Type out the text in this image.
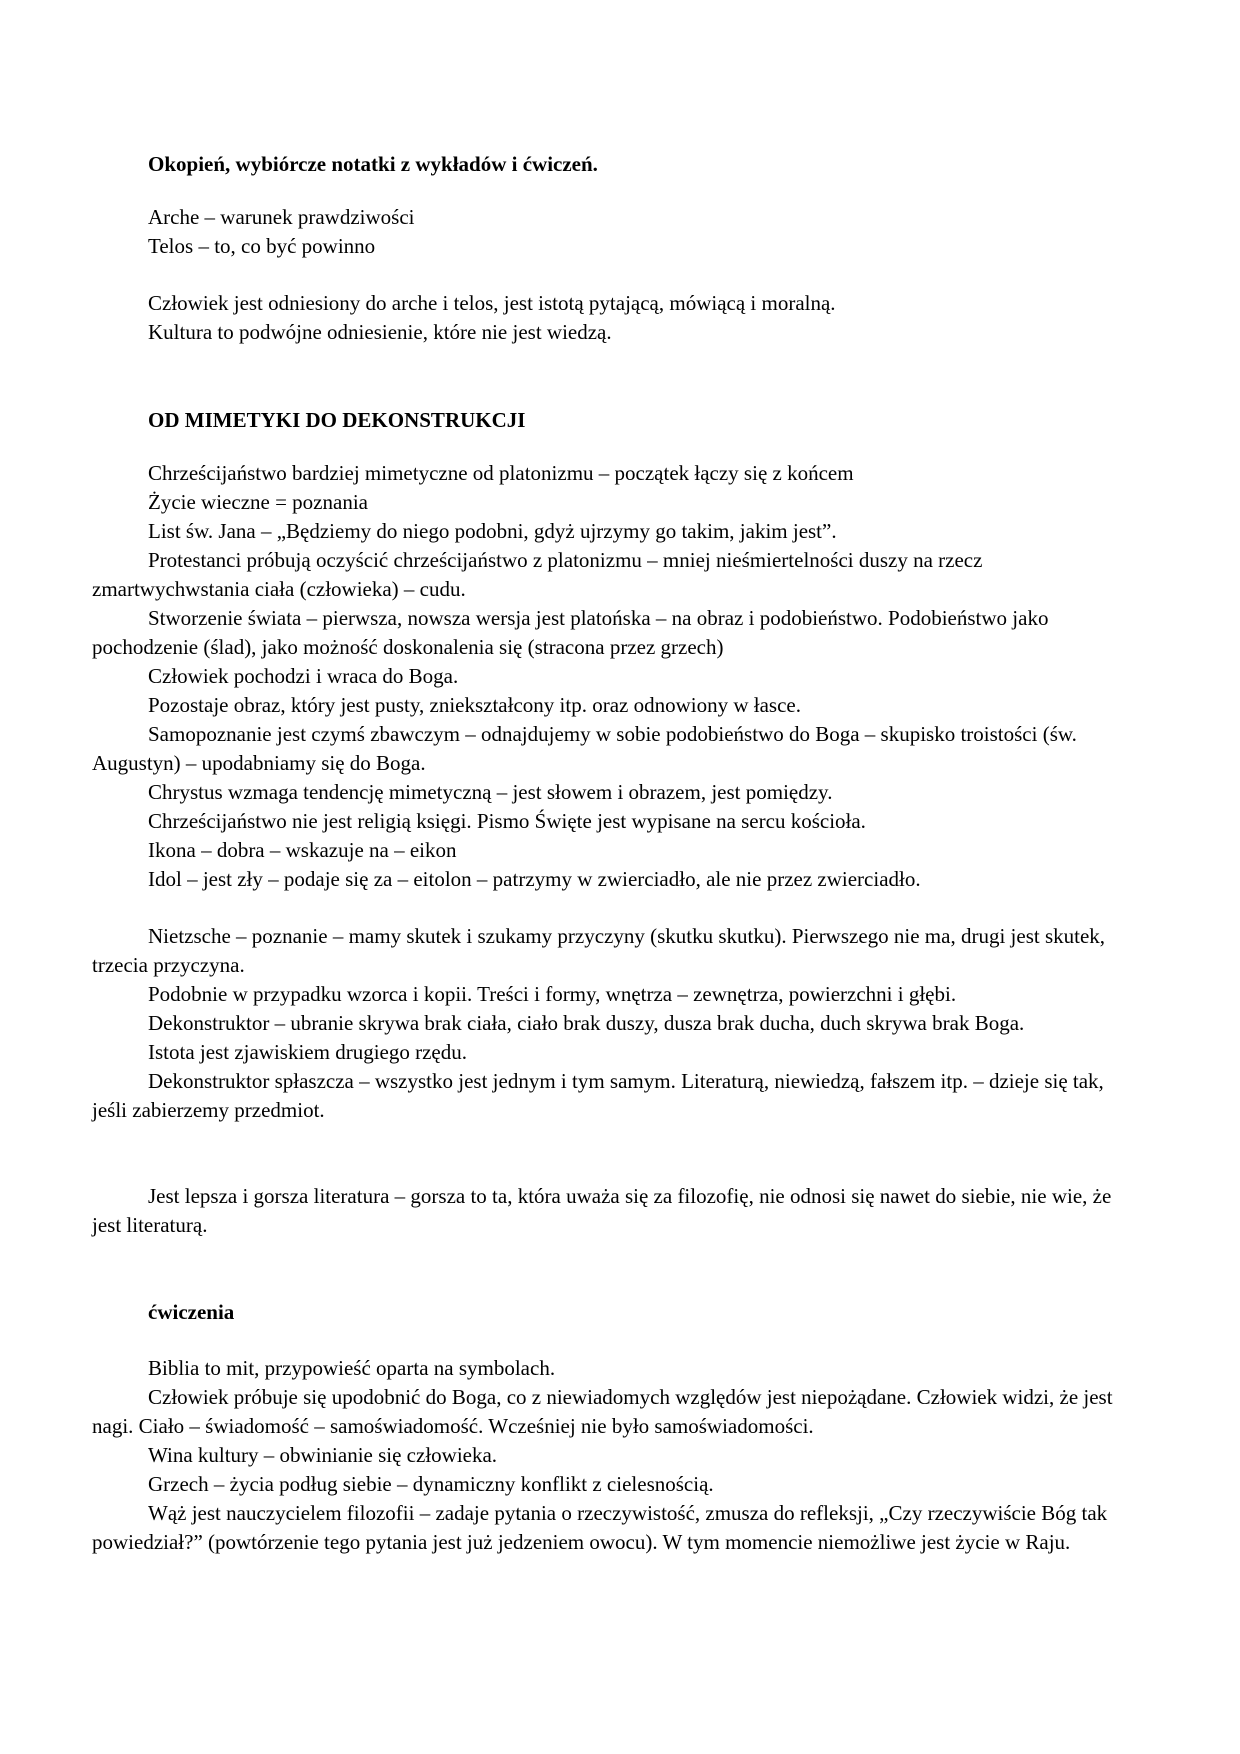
Okopień, wybiórcze notatki z wykładów i ćwiczeń.
Arche – warunek prawdziwości
Telos – to, co być powinno
Człowiek jest odniesiony do arche i telos, jest istotą pytającą, mówiącą i moralną.
Kultura to podwójne odniesienie, które nie jest wiedzą.
OD MIMETYKI DO DEKONSTRUKCJI

Chrześcijaństwo bardziej mimetyczne od platonizmu – początek łączy się z końcem

Życie wieczne = poznania

List św. Jana – „Będziemy do niego podobni, gdyż ujrzymy go takim, jakim jest”.

Protestanci próbują oczyścić chrześcijaństwo z platonizmu – mniej nieśmiertelności duszy na rzecz zmartwychwstania ciała (człowieka) – cudu.

Stworzenie świata – pierwsza, nowsza wersja jest platońska – na obraz i podobieństwo. Podobieństwo jako pochodzenie (ślad), jako możność doskonalenia się (stracona przez grzech)

Człowiek pochodzi i wraca do Boga.

Pozostaje obraz, który jest pusty, zniekształcony itp. oraz odnowiony w łasce.

Samopoznanie jest czymś zbawczym – odnajdujemy w sobie podobieństwo do Boga – skupisko troistości (św. Augustyn) – upodabniamy się do Boga.

Chrystus wzmaga tendencję mimetyczną – jest słowem i obrazem, jest pomiędzy.

Chrześcijaństwo nie jest religią księgi. Pismo Święte jest wypisane na sercu kościoła.

Ikona – dobra – wskazuje na – eikon

Idol – jest zły – podaje się za – eitolon – patrzymy w zwierciadło, ale nie przez zwierciadło.

Nietzsche – poznanie – mamy skutek i szukamy przyczyny (skutku skutku). Pierwszego nie ma, drugi jest skutek, trzecia przyczyna.

Podobnie w przypadku wzorca i kopii. Treści i formy, wnętrza – zewnętrza, powierzchni i głębi.

Dekonstruktor – ubranie skrywa brak ciała, ciało brak duszy, dusza brak ducha, duch skrywa brak Boga.

Istota jest zjawiskiem drugiego rzędu.

Dekonstruktor spłaszcza – wszystko jest jednym i tym samym. Literaturą, niewiedzą, fałszem itp. – dzieje się tak, jeśli zabierzemy przedmiot.

Jest lepsza i gorsza literatura – gorsza to ta, która uważa się za filozofię, nie odnosi się nawet do siebie, nie wie, że jest literaturą.

ćwiczenia

Biblia to mit, przypowieść oparta na symbolach.

Człowiek próbuje się upodobnić do Boga, co z niewiadomych względów jest niepożądane. Człowiek widzi, że jest nagi. Ciało – świadomość – samoświadomość. Wcześniej nie było samoświadomości.

Wina kultury – obwinianie się człowieka.

Grzech – życia podług siebie – dynamiczny konflikt z cielesnością.

Wąż jest nauczycielem filozofii – zadaje pytania o rzeczywistość, zmusza do refleksji, „Czy rzeczywiście Bóg tak powiedział?” (powtórzenie tego pytania jest już jedzeniem owocu). W tym momencie niemożliwe jest życie w Raju.
